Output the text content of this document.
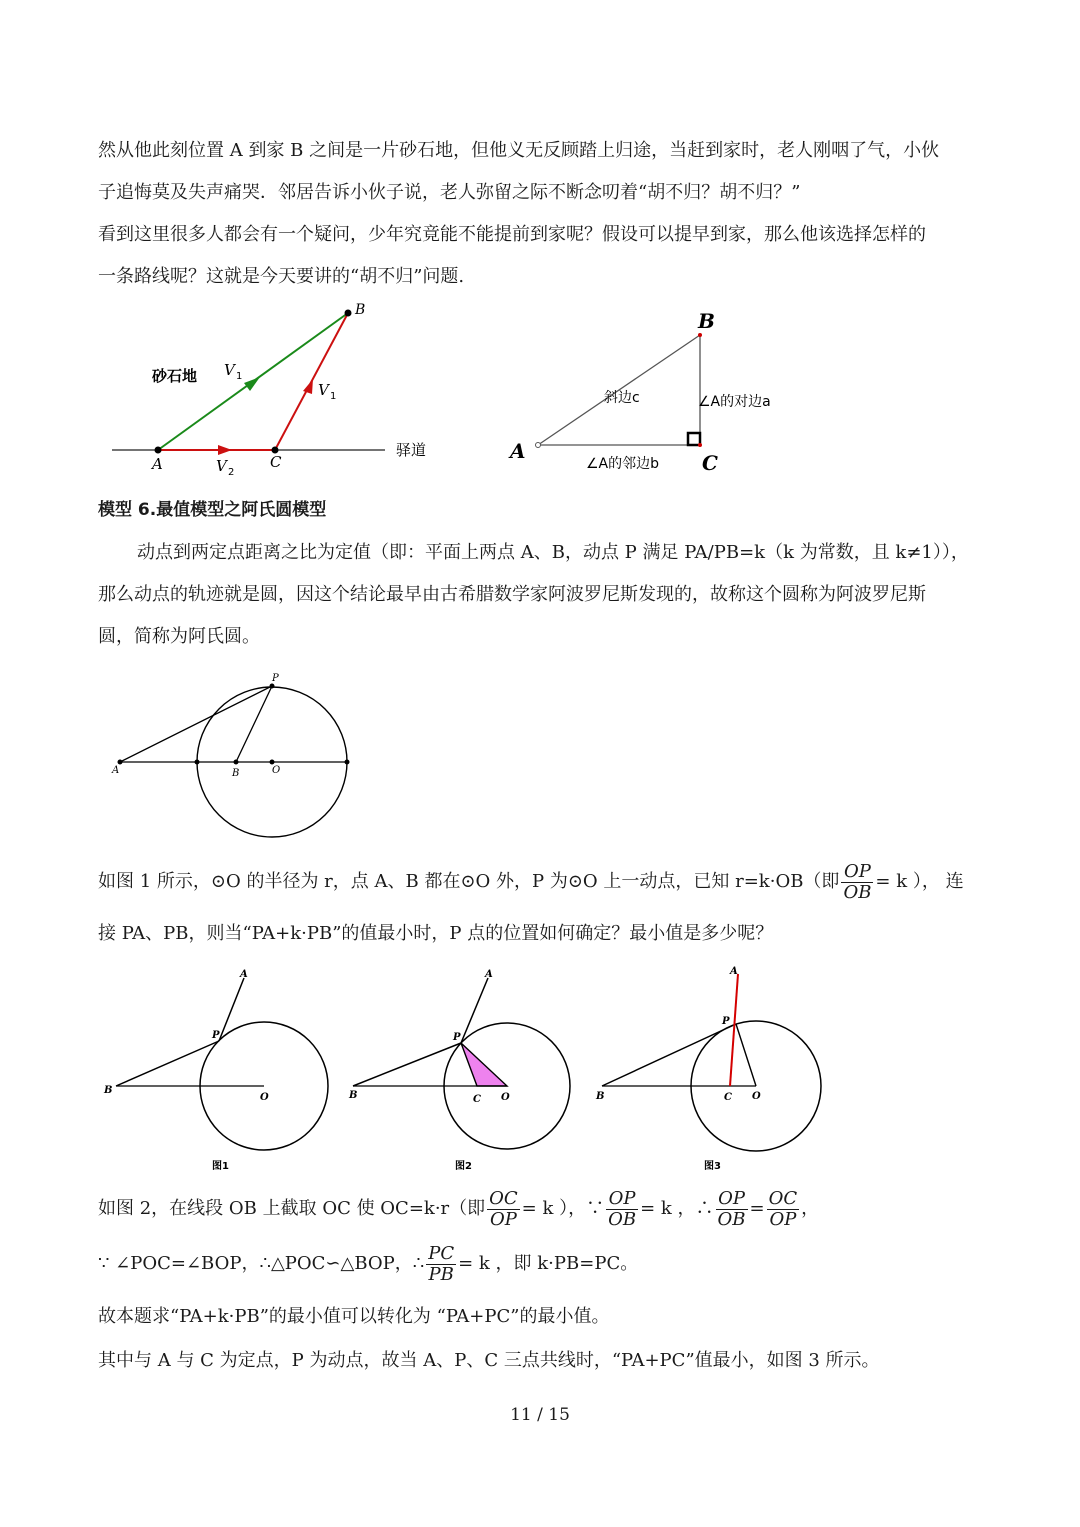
然从他此刻位置 A 到家 B 之间是一片砂石地，但他义无反顾踏上归途，当赶到家时，老人刚咽了气，小伙
子追悔莫及失声痛哭．邻居告诉小伙子说，老人弥留之际不断念叨着“胡不归？胡不归？”
看到这里很多人都会有一个疑问，少年究竟能不能提前到家呢？假设可以提早到家，那么他该选择怎样的
一条路线呢？这就是今天要讲的“胡不归”问题.
A	C
B
砂石地
驿道
V 1
V 1
V 2
A
B
C
斜边c	∠A的对边a
∠A的邻边b
模型 6.最值模型之阿氏圆模型
动点到两定点距离之比为定值（即：平面上两点 A、B，动点 P 满足 PA/PB=k（k 为常数，且 k≠1）），
那么动点的轨迹就是圆，因这个结论最早由古希腊数学家阿波罗尼斯发现的，故称这个圆称为阿波罗尼斯
圆，简称为阿氏圆。
P
A	B	O
如图 1 所示，⊙O 的半径为 r，点 A、B 都在⊙O 外，P 为⊙O 上一动点，已知 r=k·OB（即 $\frac{OP}{OB} = k$ ）， 连
接 PA、PB，则当“PA+k·PB”的值最小时，P 点的位置如何确定？最小值是多少呢？
A
P
B
O
图1
A
P
B	C O
图2
A
P
B	C O
图3
如图 2，在线段 OB 上截取 OC 使 OC=k·r（即 $\frac{OC}{OP} = k$ ），∵ $\frac{OP}{OB} = k$ ，∴ $\frac{OP}{OB} = \frac{OC}{OP}$ ，
∵ ∠POC=∠BOP，∴△POC∽△BOP，∴ $\frac{PC}{PB} = k$ ，即 k·PB=PC。
故本题求“PA+k·PB”的最小值可以转化为 “PA+PC”的最小值。
其中与 A 与 C 为定点，P 为动点，故当 A、P、C 三点共线时，“PA+PC”值最小，如图 3 所示。
11 / 15
